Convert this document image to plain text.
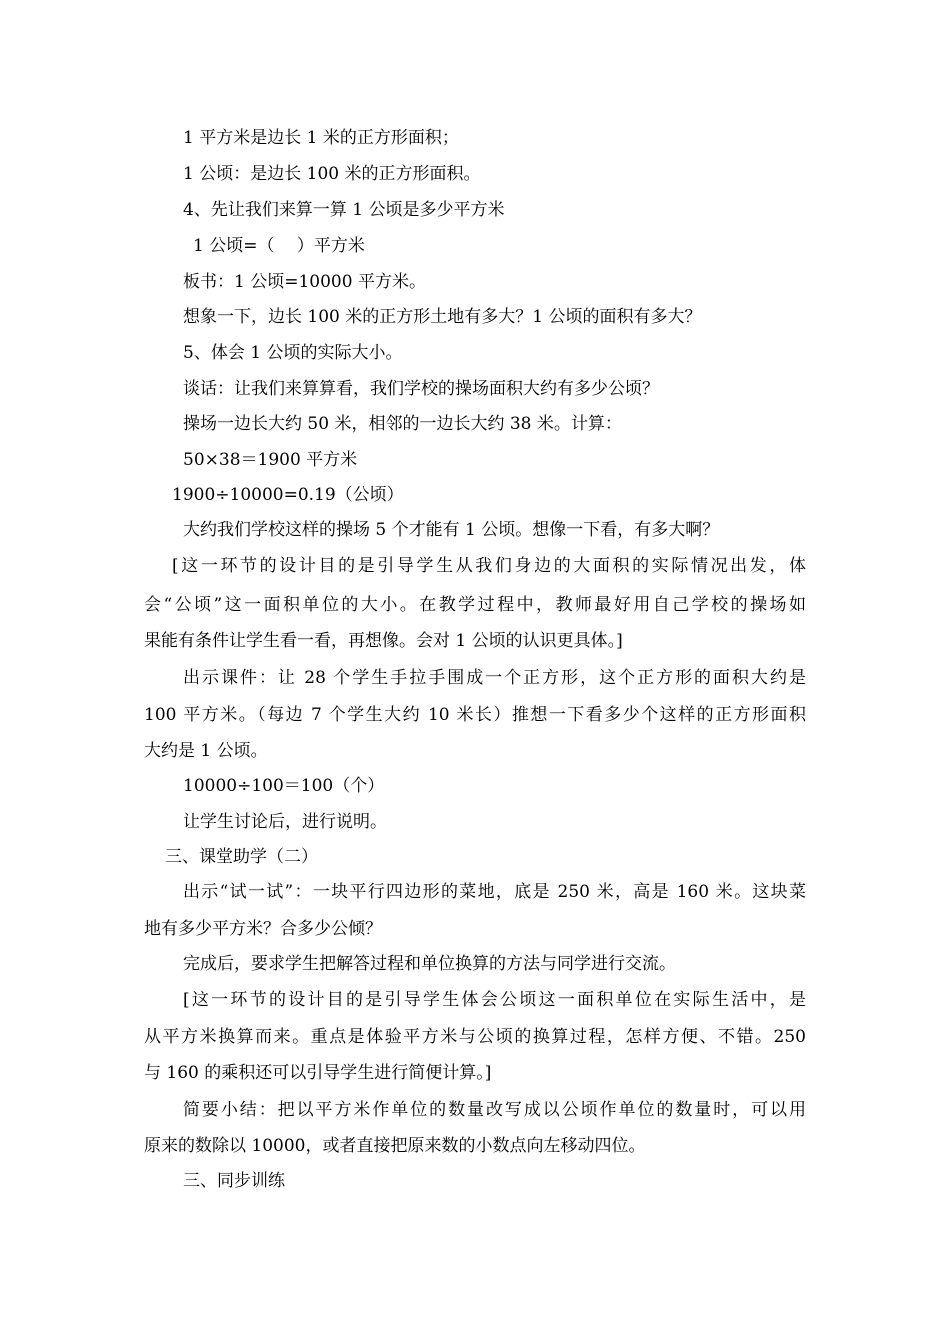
1 平方米是边长 1 米的正方形面积；
1 公顷：是边长 100 米的正方形面积。
4、先让我们来算一算 1 公顷是多少平方米
1 公顷=（　 ）平方米
板书：1 公顷=10000 平方米。
想象一下，边长 100 米的正方形土地有多大？1 公顷的面积有多大？
5、体会 1 公顷的实际大小。
谈话：让我们来算算看，我们学校的操场面积大约有多少公顷？
操场一边长大约 50 米，相邻的一边长大约 38 米。计算：
50×38＝1900 平方米
1900÷10000=0.19（公顷）
大约我们学校这样的操场 5 个才能有 1 公顷。想像一下看，有多大啊？
[这一环节的设计目的是引导学生从我们身边的大面积的实际情况出发，体
会“公顷”这一面积单位的大小。在教学过程中，教师最好用自己学校的操场如
果能有条件让学生看一看，再想像。会对 1 公顷的认识更具体。]
出示课件：让 28 个学生手拉手围成一个正方形，这个正方形的面积大约是
100 平方米。（每边 7 个学生大约 10 米长）推想一下看多少个这样的正方形面积
大约是 1 公顷。
10000÷100＝100（个）
让学生讨论后，进行说明。
三、课堂助学（二）
出示“试一试”：一块平行四边形的菜地，底是 250 米，高是 160 米。这块菜
地有多少平方米？合多少公倾？
完成后，要求学生把解答过程和单位换算的方法与同学进行交流。
[这一环节的设计目的是引导学生体会公顷这一面积单位在实际生活中，是
从平方米换算而来。重点是体验平方米与公顷的换算过程，怎样方便、不错。250
与 160 的乘积还可以引导学生进行简便计算。]
简要小结：把以平方米作单位的数量改写成以公顷作单位的数量时，可以用
原来的数除以 10000，或者直接把原来数的小数点向左移动四位。
三、同步训练
